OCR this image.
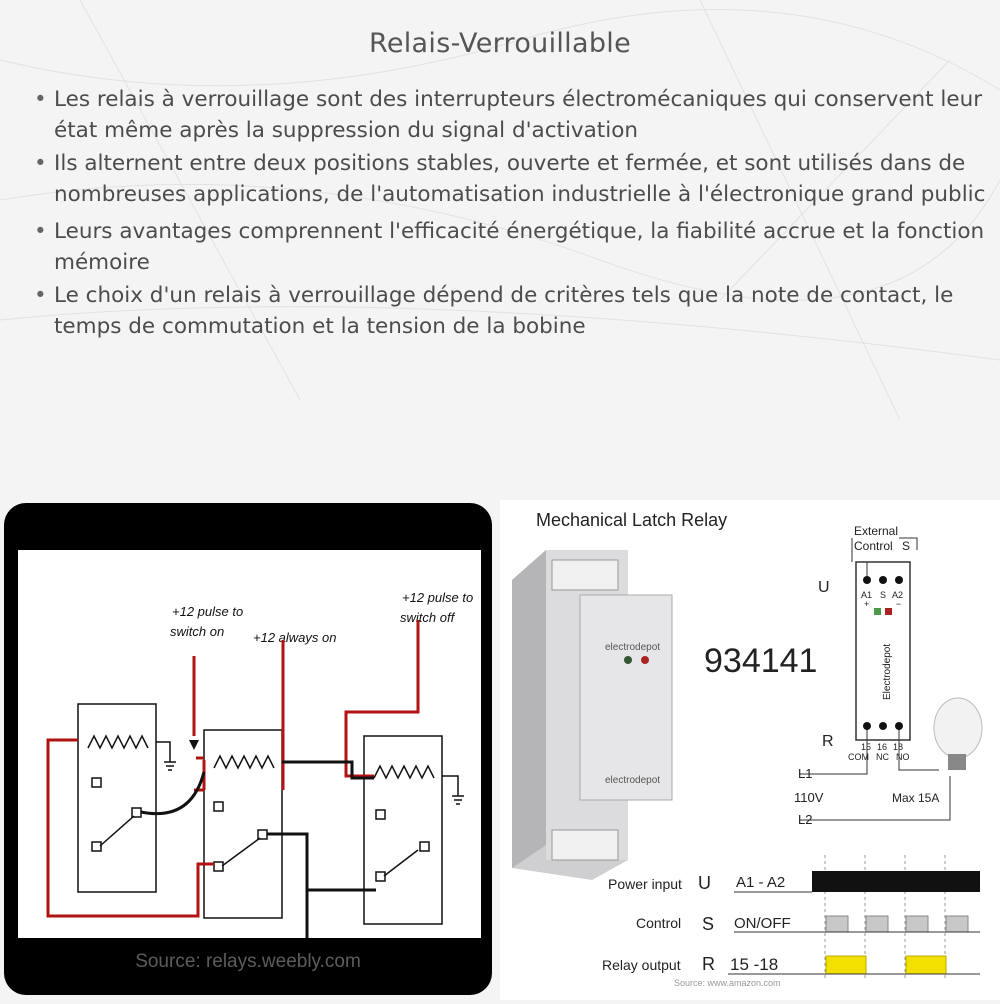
Relais-Verrouillable
• Les relais à verrouillage sont des interrupteurs électromécaniques qui conservent leur état même après la suppression du signal d'activation
• Ils alternent entre deux positions stables, ouverte et fermée, et sont utilisés dans de nombreuses applications, de l'automatisation industrielle à l'électronique grand public
• Leurs avantages comprennent l'efficacité énergétique, la fiabilité accrue et la fonction mémoire
• Le choix d'un relais à verrouillage dépend de critères tels que la note de contact, le temps de commutation et la tension de la bobine
+12 pulse to
switch on +12 always on
+12 pulse to
switch off
Source: relays.weebly.com
Mechanical Latch Relay
electrodepot
electrodepot
934141
External
Control S
U
R
A1 S A2
+	−
Electrodepot
15 16 18
COM NC NO
L1
110V
L2
Max 15A
Power input U A1 - A2
Control S ON/OFF
Relay output R 15 -18
Source: www.amazon.com
